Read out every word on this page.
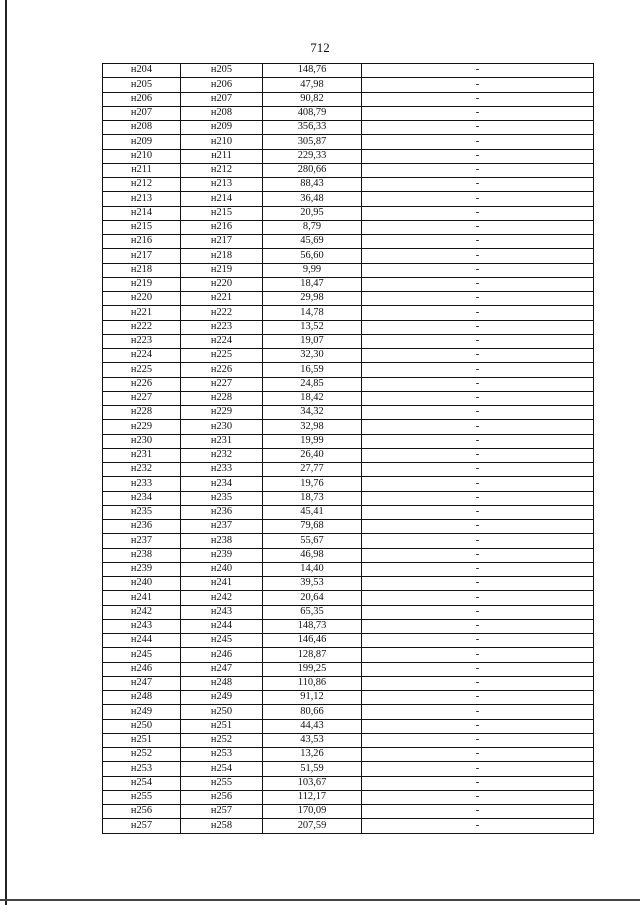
712
н204	н205	148,76	-
н205	н206	47,98	-
н206	н207	90,82	-
н207	н208	408,79	-
н208	н209	356,33	-
н209	н210	305,87	-
н210	н211	229,33	-
н211	н212	280,66	-
н212	н213	88,43	-
н213	н214	36,48	-
н214	н215	20,95	-
н215	н216	8,79	-
н216	н217	45,69	-
н217	н218	56,60	-
н218	н219	9,99	-
н219	н220	18,47	-
н220	н221	29,98	-
н221	н222	14,78	-
н222	н223	13,52	-
н223	н224	19,07	-
н224	н225	32,30	-
н225	н226	16,59	-
н226	н227	24,85	-
н227	н228	18,42	-
н228	н229	34,32	-
н229	н230	32,98	-
н230	н231	19,99	-
н231	н232	26,40	-
н232	н233	27,77	-
н233	н234	19,76	-
н234	н235	18,73	-
н235	н236	45,41	-
н236	н237	79,68	-
н237	н238	55,67	-
н238	н239	46,98	-
н239	н240	14,40	-
н240	н241	39,53	-
н241	н242	20,64	-
н242	н243	65,35	-
н243	н244	148,73	-
н244	н245	146,46	-
н245	н246	128,87	-
н246	н247	199,25	-
н247	н248	110,86	-
н248	н249	91,12	-
н249	н250	80,66	-
н250	н251	44,43	-
н251	н252	43,53	-
н252	н253	13,26	-
н253	н254	51,59	-
н254	н255	103,67	-
н255	н256	112,17	-
н256	н257	170,09	-
н257	н258	207,59	-
